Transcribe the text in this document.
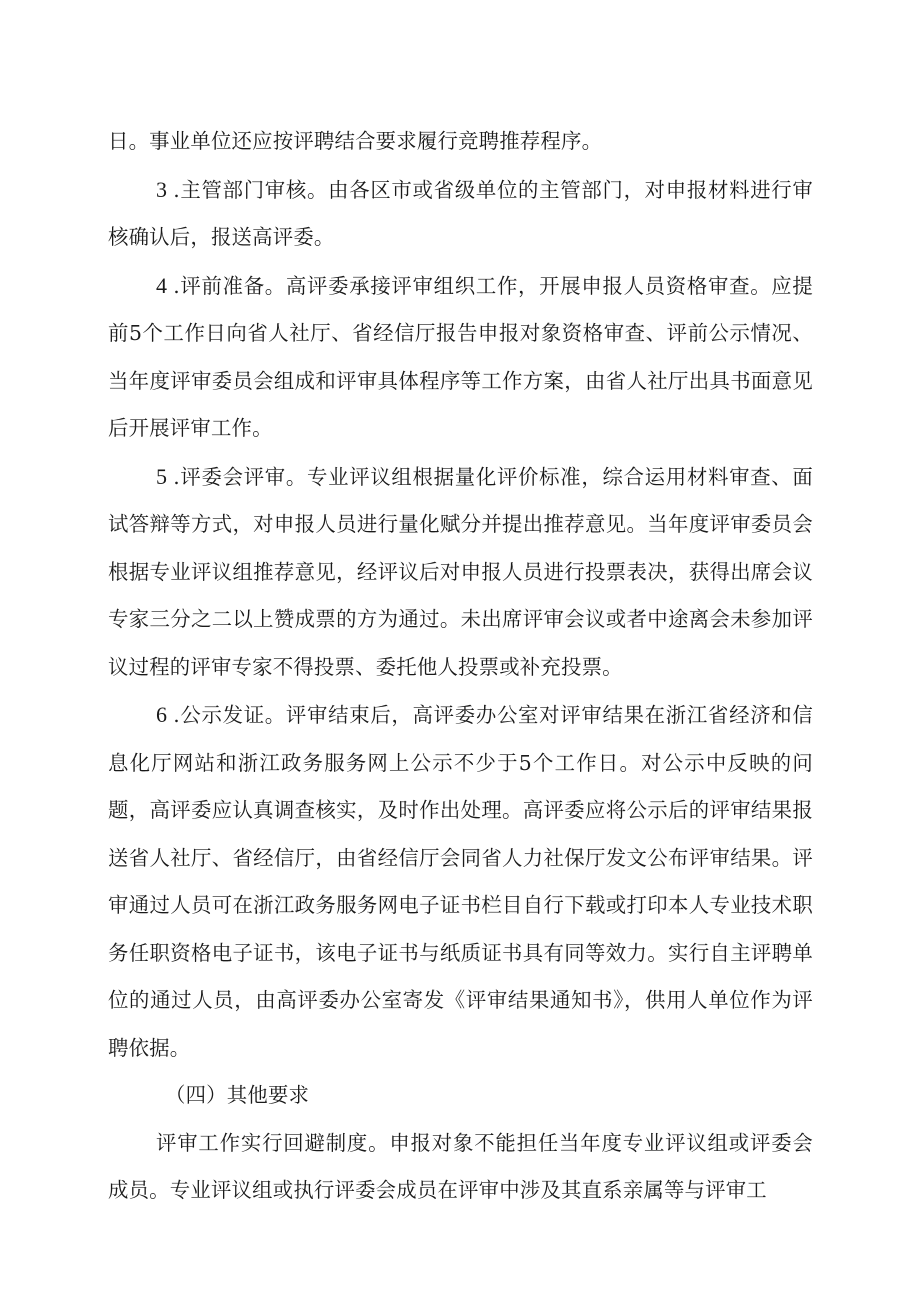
日。事业单位还应按评聘结合要求履行竞聘推荐程序。

3 .主管部门审核。由各区市或省级单位的主管部门，对申报材料进行审核确认后，报送高评委。

4 .评前准备。高评委承接评审组织工作，开展申报人员资格审查。应提前5个工作日向省人社厅、省经信厅报告申报对象资格审查、评前公示情况、当年度评审委员会组成和评审具体程序等工作方案，由省人社厅出具书面意见后开展评审工作。

5 .评委会评审。专业评议组根据量化评价标准，综合运用材料审查、面试答辩等方式，对申报人员进行量化赋分并提出推荐意见。当年度评审委员会根据专业评议组推荐意见，经评议后对申报人员进行投票表决，获得出席会议专家三分之二以上赞成票的方为通过。未出席评审会议或者中途离会未参加评议过程的评审专家不得投票、委托他人投票或补充投票。

6 .公示发证。评审结束后，高评委办公室对评审结果在浙江省经济和信息化厅网站和浙江政务服务网上公示不少于5个工作日。对公示中反映的问题，高评委应认真调查核实，及时作出处理。高评委应将公示后的评审结果报送省人社厅、省经信厅，由省经信厅会同省人力社保厅发文公布评审结果。评审通过人员可在浙江政务服务网电子证书栏目自行下载或打印本人专业技术职务任职资格电子证书，该电子证书与纸质证书具有同等效力。实行自主评聘单位的通过人员，由高评委办公室寄发《评审结果通知书》，供用人单位作为评聘依据。

（四）其他要求

评审工作实行回避制度。申报对象不能担任当年度专业评议组或评委会成员。专业评议组或执行评委会成员在评审中涉及其直系亲属等与评审工
